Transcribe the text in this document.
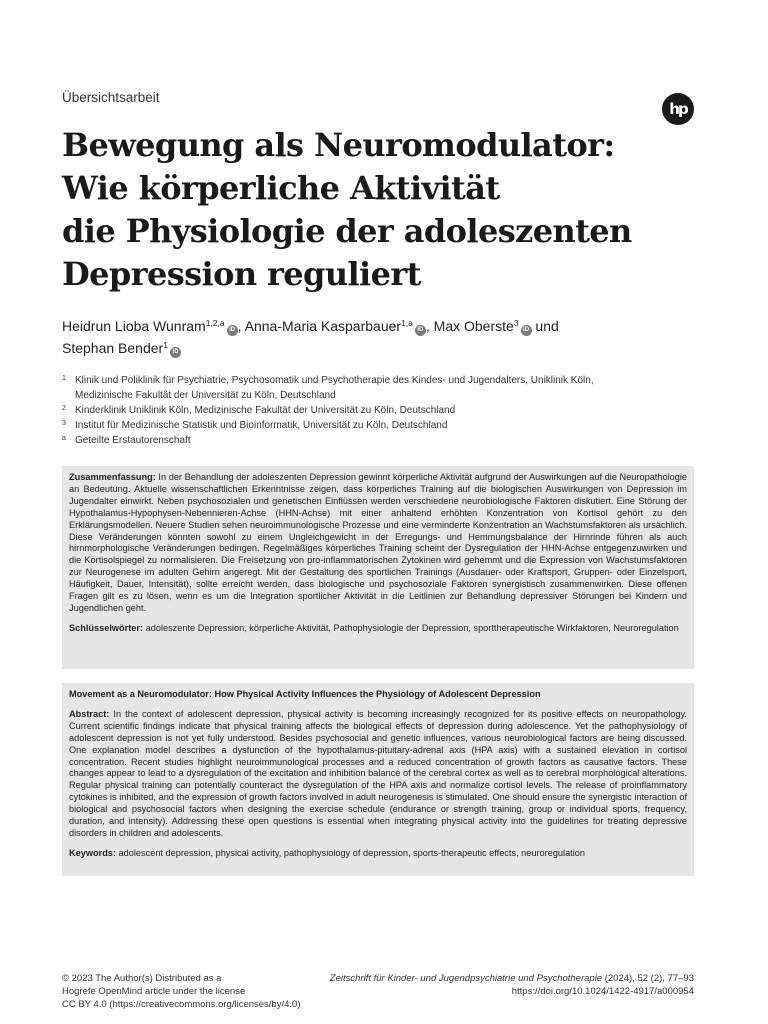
Übersichtsarbeit
hp
Bewegung als Neuromodulator:
Wie körperliche Aktivität
die Physiologie der adoleszenten
Depression reguliert
Heidrun Lioba Wunram$^{1,2,a}$iD , Anna-Maria Kasparbauer$^{1,a}$iD , Max Oberste$^3$iD und
Stephan Bender$^1$iD
1 Klinik und Poliklinik für Psychiatrie, Psychosomatik und Psychotherapie des Kindes- und Jugendalters, Uniklinik Köln,
Medizinische Fakultät der Universität zu Köln, Deutschland
2 Kinderklinik Uniklinik Köln, Medizinische Fakultät der Universität zu Köln, Deutschland
3 Institut für Medizinische Statistik und Bioinformatik, Universität zu Köln, Deutschland
a Geteilte Erstautorenschaft

Zusammenfassung: In der Behandlung der adoleszenten Depression gewinnt körperliche Aktivität aufgrund der Auswirkungen auf die Neuropathologie an Bedeutung. Aktuelle wissenschaftlichen Erkenntnisse zeigen, dass körperliches Training auf die biologischen Auswirkungen von Depression im Jugendalter einwirkt. Neben psychosozialen und genetischen Einflüssen werden verschiedene neurobiologische Faktoren diskutiert. Eine Störung der Hypothalamus-Hypophysen-Nebennieren-Achse (HHN-Achse) mit einer anhaltend erhöhten Konzentration von Kortisol gehört zu den Erklärungsmodellen. Neuere Studien sehen neuroimmunologische Prozesse und eine verminderte Konzentration an Wachstumsfaktoren als ursächlich. Diese Veränderungen könnten sowohl zu einem Ungleichgewicht in der Erregungs- und Hemmungsbalance der Hirnrinde führen als auch hirnmorphologische Veränderungen bedingen. Regelmäßiges körperliches Training scheint der Dysregulation der HHN-Achse entgegenzuwirken und die Kortisolspiegel zu normalisieren. Die Freisetzung von pro-inflammatorischen Zytokinen wird gehemmt und die Expression von Wachstumsfaktoren zur Neurogenese im adulten Gehirn angeregt. Mit der Gestaltung des sportlichen Trainings (Ausdauer- oder Kraftsport, Gruppen- oder Einzelsport, Häufigkeit, Dauer, Intensität), sollte erreicht werden, dass biologische und psychosoziale Faktoren synergistisch zusammenwirken. Diese offenen Fragen gilt es zu lösen, wenn es um die Integration sportlicher Aktivität in die Leitlinien zur Behandlung depressiver Störungen bei Kindern und Jugendlichen geht.

Schlüsselwörter: adoleszente Depression, körperliche Aktivität, Pathophysiologie der Depression, sporttherapeutische Wirkfaktoren, Neuroregulation

Movement as a Neuromodulator: How Physical Activity Influences the Physiology of Adolescent Depression

Abstract: In the context of adolescent depression, physical activity is becoming increasingly recognized for its positive effects on neuropathology. Current scientific findings indicate that physical training affects the biological effects of depression during adolescence. Yet the pathophysiology of adolescent depression is not yet fully understood. Besides psychosocial and genetic influences, various neurobiological factors are being discussed. One explanation model describes a dysfunction of the hypothalamus-pituitary-adrenal axis (HPA axis) with a sustained elevation in cortisol concentration. Recent studies highlight neuroimmunological processes and a reduced concentration of growth factors as causative factors. These changes appear to lead to a dysregulation of the excitation and inhibition balance of the cerebral cortex as well as to cerebral morphological alterations. Regular physical training can potentially counteract the dysregulation of the HPA axis and normalize cortisol levels. The release of proinflammatory cytokines is inhibited, and the expression of growth factors involved in adult neurogenesis is stimulated. One should ensure the synergistic interaction of biological and psychosocial factors when designing the exercise schedule (endurance or strength training, group or individual sports, frequency, duration, and intensity). Addressing these open questions is essential when integrating physical activity into the guidelines for treating depressive disorders in children and adolescents.

Keywords: adolescent depression, physical activity, pathophysiology of depression, sports-therapeutic effects, neuroregulation

© 2023 The Author(s) Distributed as a
Hogrefe OpenMind article under the license
CC BY 4.0 (https://creativecommons.org/licenses/by/4.0)
Zeitschrift für Kinder- und Jugendpsychiatrie und Psychotherapie (2024), 52 (2), 77–93
https://doi.org/10.1024/1422-4917/a000954
